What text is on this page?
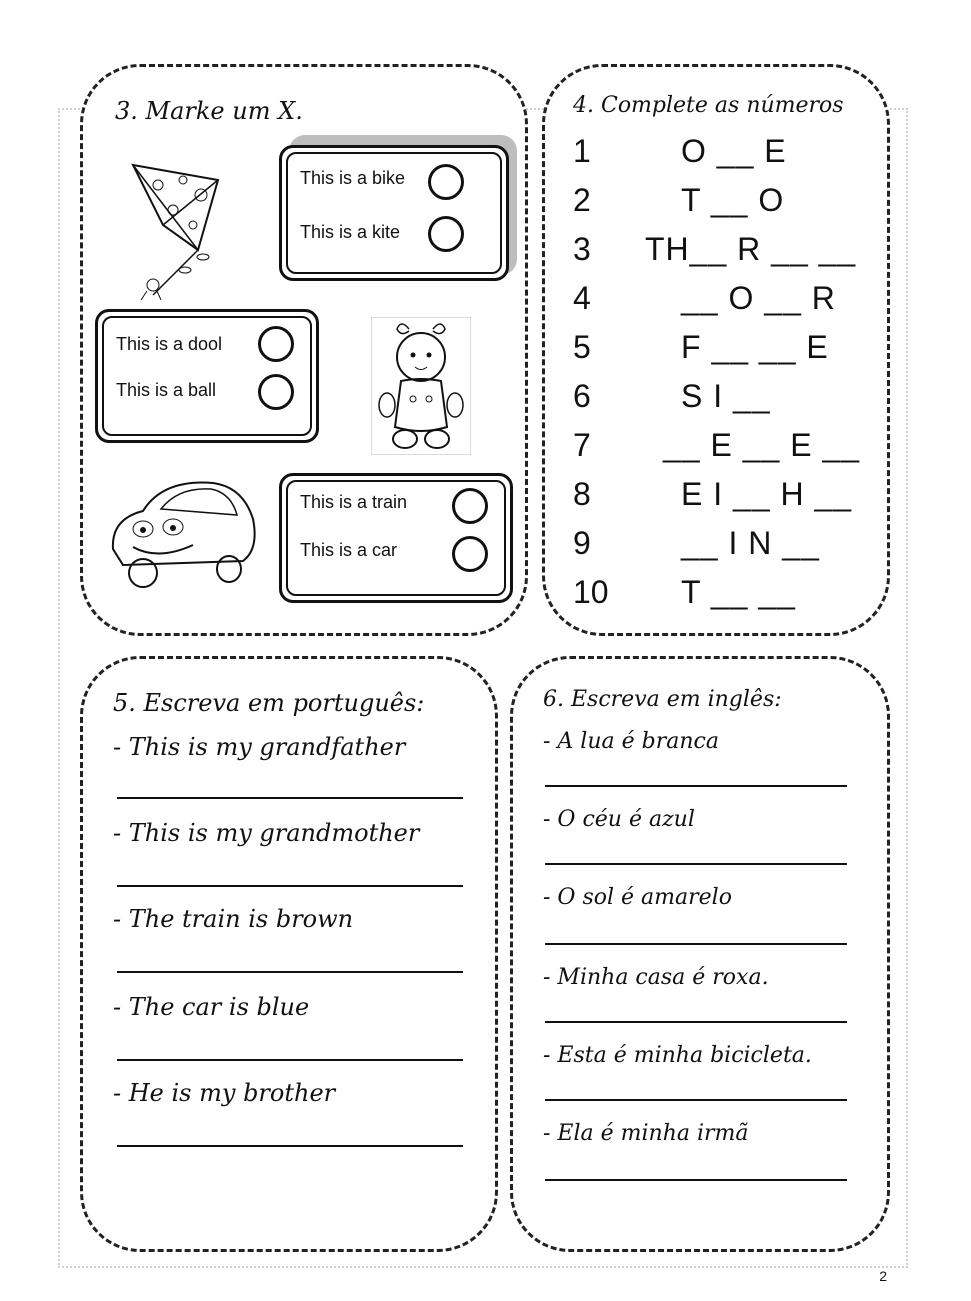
3. Marke um X.
This is a bike
This is a kite
This is a dool
This is a ball
This is a train
This is a car
4. Complete as números
1	O __ E
2	T __ O
3 TH__ R __ __
4	__ O __ R
5	F __ __ E
6	S I __
7 __ E __ E __
8	E I __ H __
9	__ I N __
10 T __ __
5. Escreva em português:
- This is my grandfather
- This is my grandmother
- The train is brown
- The car is blue
- He is my brother
6. Escreva em inglês:
- A lua é branca
- O céu é azul
- O sol é amarelo
- Minha casa é roxa.
- Esta é minha bicicleta.
- Ela é minha irmã
2
